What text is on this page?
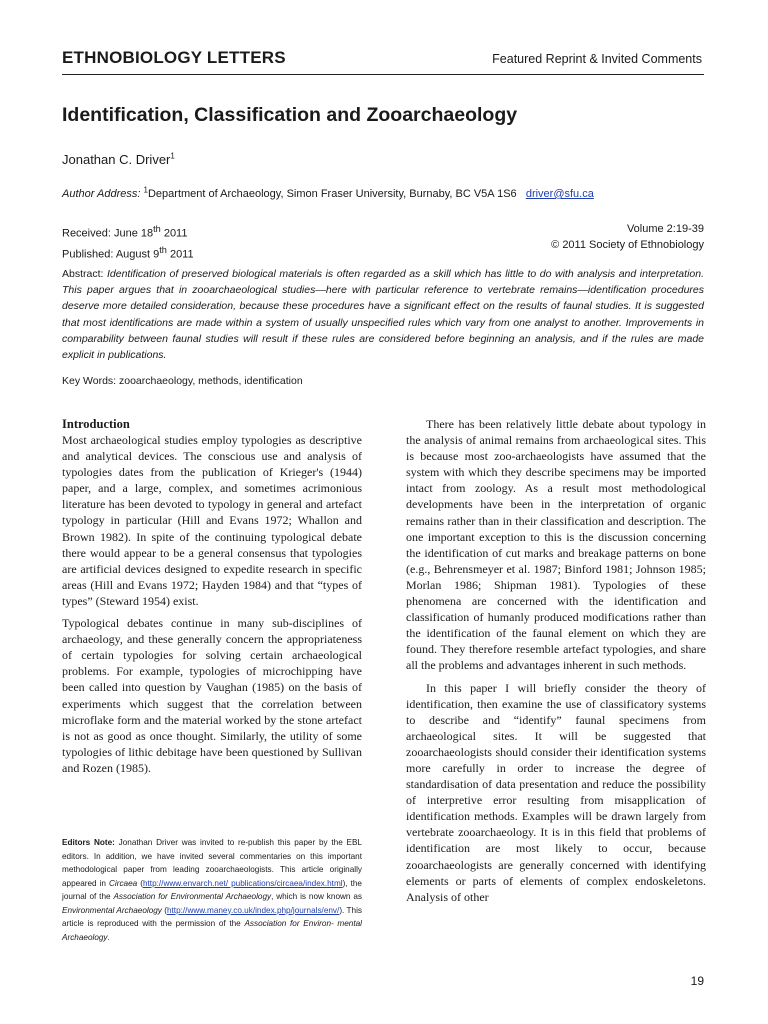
ETHNOBIOLOGY LETTERS	Featured Reprint & Invited Comments
Identification, Classification and Zooarchaeology
Jonathan C. Driver$^1$
Author Address: $^1$Department of Archaeology, Simon Fraser University, Burnaby, BC V5A 1S6 driver@sfu.ca
Received: June 18th 2011
Published: August 9th 2011
Volume 2:19-39
© 2011 Society of Ethnobiology
Abstract: Identification of preserved biological materials is often regarded as a skill which has little to do with analysis and interpretation. This paper argues that in zooarchaeological studies—here with particular reference to vertebrate remains—identification procedures deserve more detailed consideration, because these procedures have a significant effect on the results of faunal studies. It is suggested that most identifications are made within a system of usually unspecified rules which vary from one analyst to another. Improvements in comparability between faunal studies will result if these rules are considered before beginning an analysis, and if the rules are made explicit in publications.
Key Words: zooarchaeology, methods, identification
Introduction

Most archaeological studies employ typologies as descriptive and analytical devices. The conscious use and analysis of typologies dates from the publication of Krieger's (1944) paper, and a large, complex, and sometimes acrimonious literature has been devoted to typology in general and artefact typology in particular (Hill and Evans 1972; Whallon and Brown 1982). In spite of the continuing typological debate there would appear to be a general consensus that typologies are artificial devices designed to expedite research in specific areas (Hill and Evans 1972; Hayden 1984) and that “types of types” (Steward 1954) exist.

Typological debates continue in many sub-disciplines of archaeology, and these generally concern the appropriateness of certain typologies for solving certain archaeological problems. For example, typologies of microchipping have been called into question by Vaughan (1985) on the basis of experiments which suggest that the correlation between microflake form and the material worked by the stone artefact is not as good as once thought. Similarly, the utility of some typologies of lithic debitage have been questioned by Sullivan and Rozen (1985).

Editors Note: Jonathan Driver was invited to re-publish this paper by the EBL editors. In addition, we have invited several commentaries on this important methodological paper from leading zooarchaeologists. This article originally appeared in Circaea (http://www.envarch.net/ publications/circaea/index.html), the journal of the Association for Environmental Archaeology, which is now known as Environmental Archaeology (http://www.maney.co.uk/index.php/journals/env/). This article is reproduced with the permission of the Association for Environ- mental Archaeology.

There has been relatively little debate about typology in the analysis of animal remains from archaeological sites. This is because most zoo-archaeologists have assumed that the system with which they describe specimens may be imported intact from zoology. As a result most methodological developments have been in the interpretation of organic remains rather than in their classification and description. The one important exception to this is the discussion concerning the identification of cut marks and breakage patterns on bone (e.g., Behrensmeyer et al. 1987; Binford 1981; Johnson 1985; Morlan 1986; Shipman 1981). Typologies of these phenomena are concerned with the identification and classification of humanly produced modifications rather than the identification of the faunal element on which they are found. They therefore resemble artefact typologies, and share all the problems and advantages inherent in such methods.

In this paper I will briefly consider the theory of identification, then examine the use of classificatory systems to describe and “identify” faunal specimens from archaeological sites. It will be suggested that zooarchaeologists should consider their identification systems more carefully in order to increase the degree of standardisation of data presentation and reduce the possibility of interpretive error resulting from misapplication of identification methods. Examples will be drawn largely from vertebrate zooarchaeology. It is in this field that problems of identification are most likely to occur, because zooarchaeologists are generally concerned with identifying elements or parts of elements of complex endoskeletons. Analysis of other

19
